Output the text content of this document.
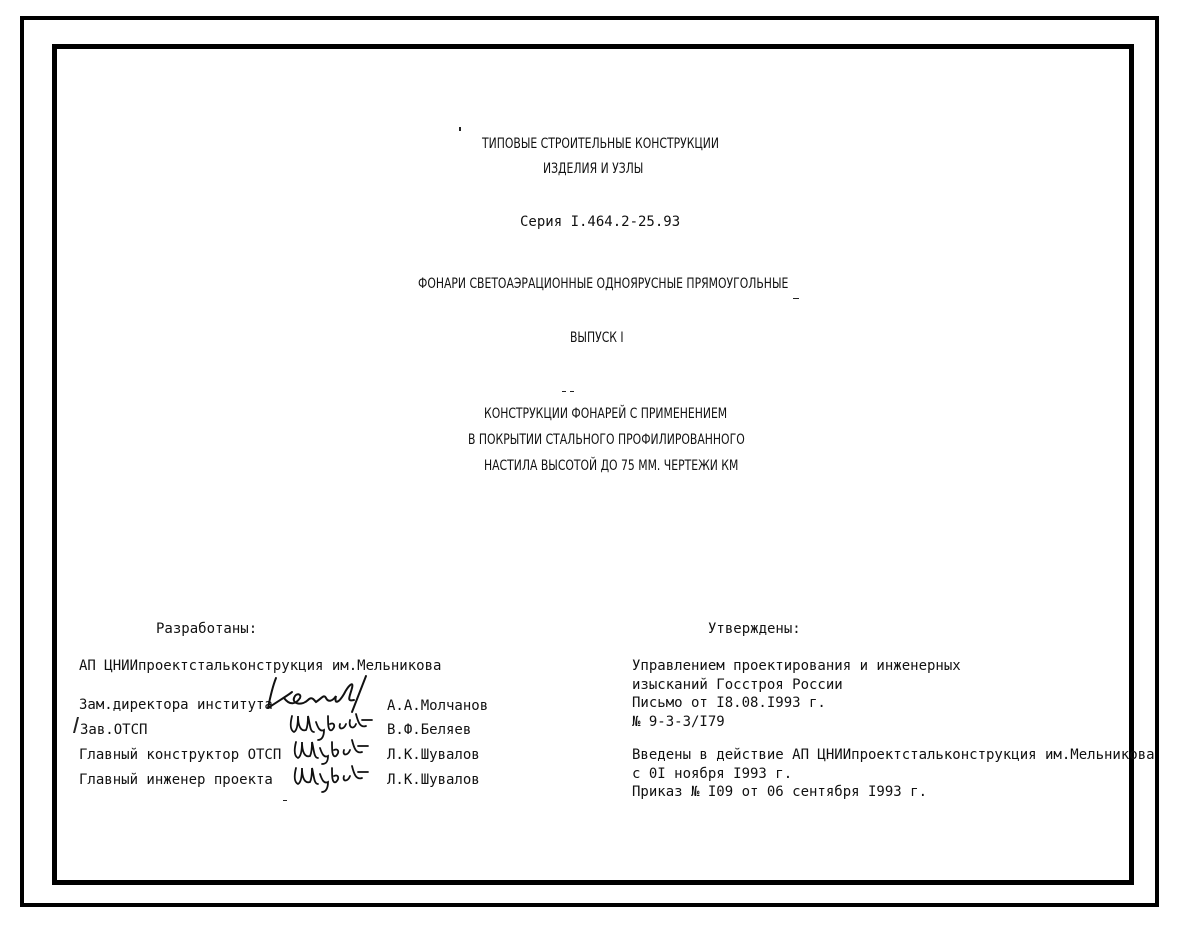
ТИПОВЫЕ СТРОИТЕЛЬНЫЕ КОНСТРУКЦИИ
ИЗДЕЛИЯ И УЗЛЫ
Серия I.464.2-25.93
ФОНАРИ СВЕТОАЭРАЦИОННЫЕ ОДНОЯРУСНЫЕ ПРЯМОУГОЛЬНЫЕ
ВЫПУСК I
КОНСТРУКЦИИ ФОНАРЕЙ С ПРИМЕНЕНИЕМ
В ПОКРЫТИИ СТАЛЬНОГО ПРОФИЛИРОВАННОГО
НАСТИЛА ВЫСОТОЙ ДО 75 ММ. ЧЕРТЕЖИ КМ
Разработаны:
АП ЦНИИпроектстальконструкция им.Мельникова
Зам.директора института	А.А.Молчанов
Зав.ОТСП	В.Ф.Беляев
Главный конструктор ОТСП	Л.К.Шувалов
Главный инженер проекта	Л.К.Шувалов
Утверждены:
Управлением проектирования и инженерных
изысканий Госстроя России
Письмо от I8.08.I993 г.
№ 9-3-3/I79
Введены в действие АП ЦНИИпроектстальконструкция им.Мельникова
с 0I ноября I993 г.
Приказ № I09 от 06 сентября I993 г.
